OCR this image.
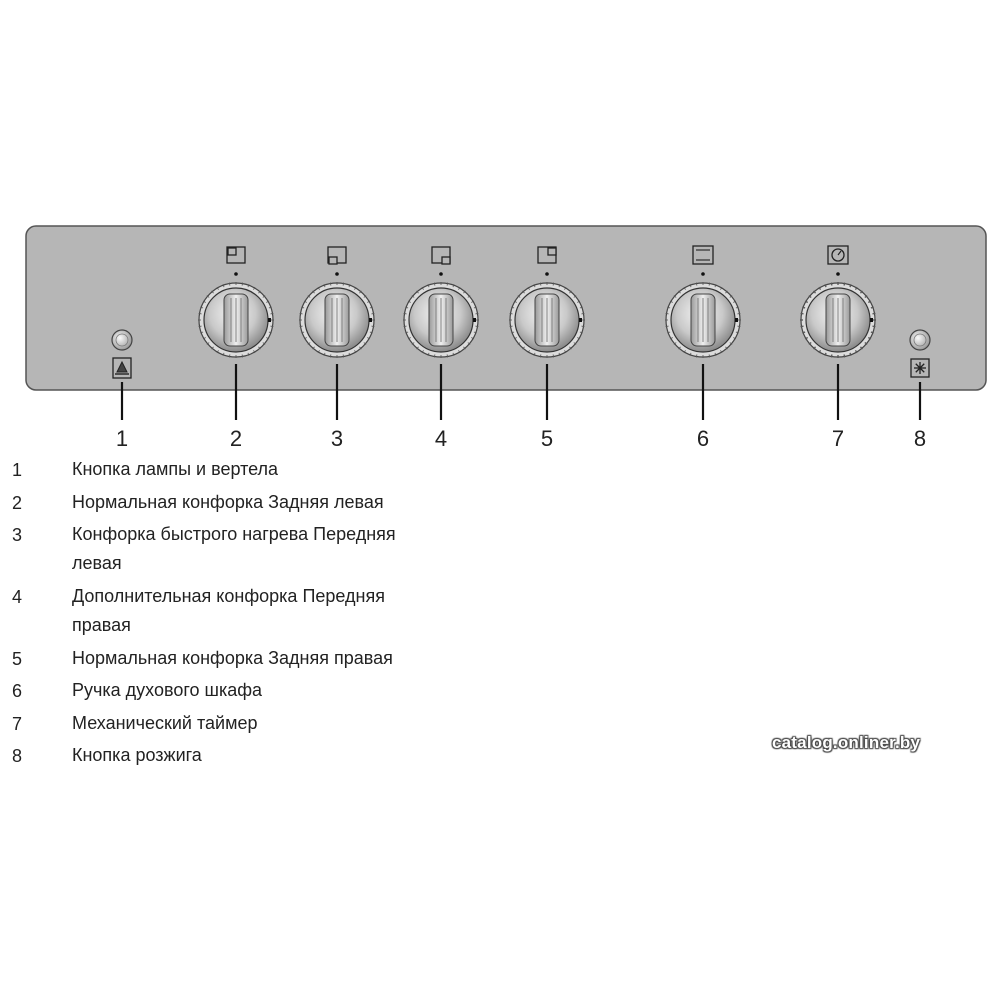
1	2	3	4	5	6	7	8
1	Кнопка лампы и вертела
2	Нормальная конфорка Задняя левая
3	Конфорка быстрого нагрева Передняя
левая
4	Дополнительная конфорка Передняя
правая
5	Нормальная конфорка Задняя правая
6	Ручка духового шкафа
7	Механический таймер
8	Кнопка розжига
catalog.onliner.by
